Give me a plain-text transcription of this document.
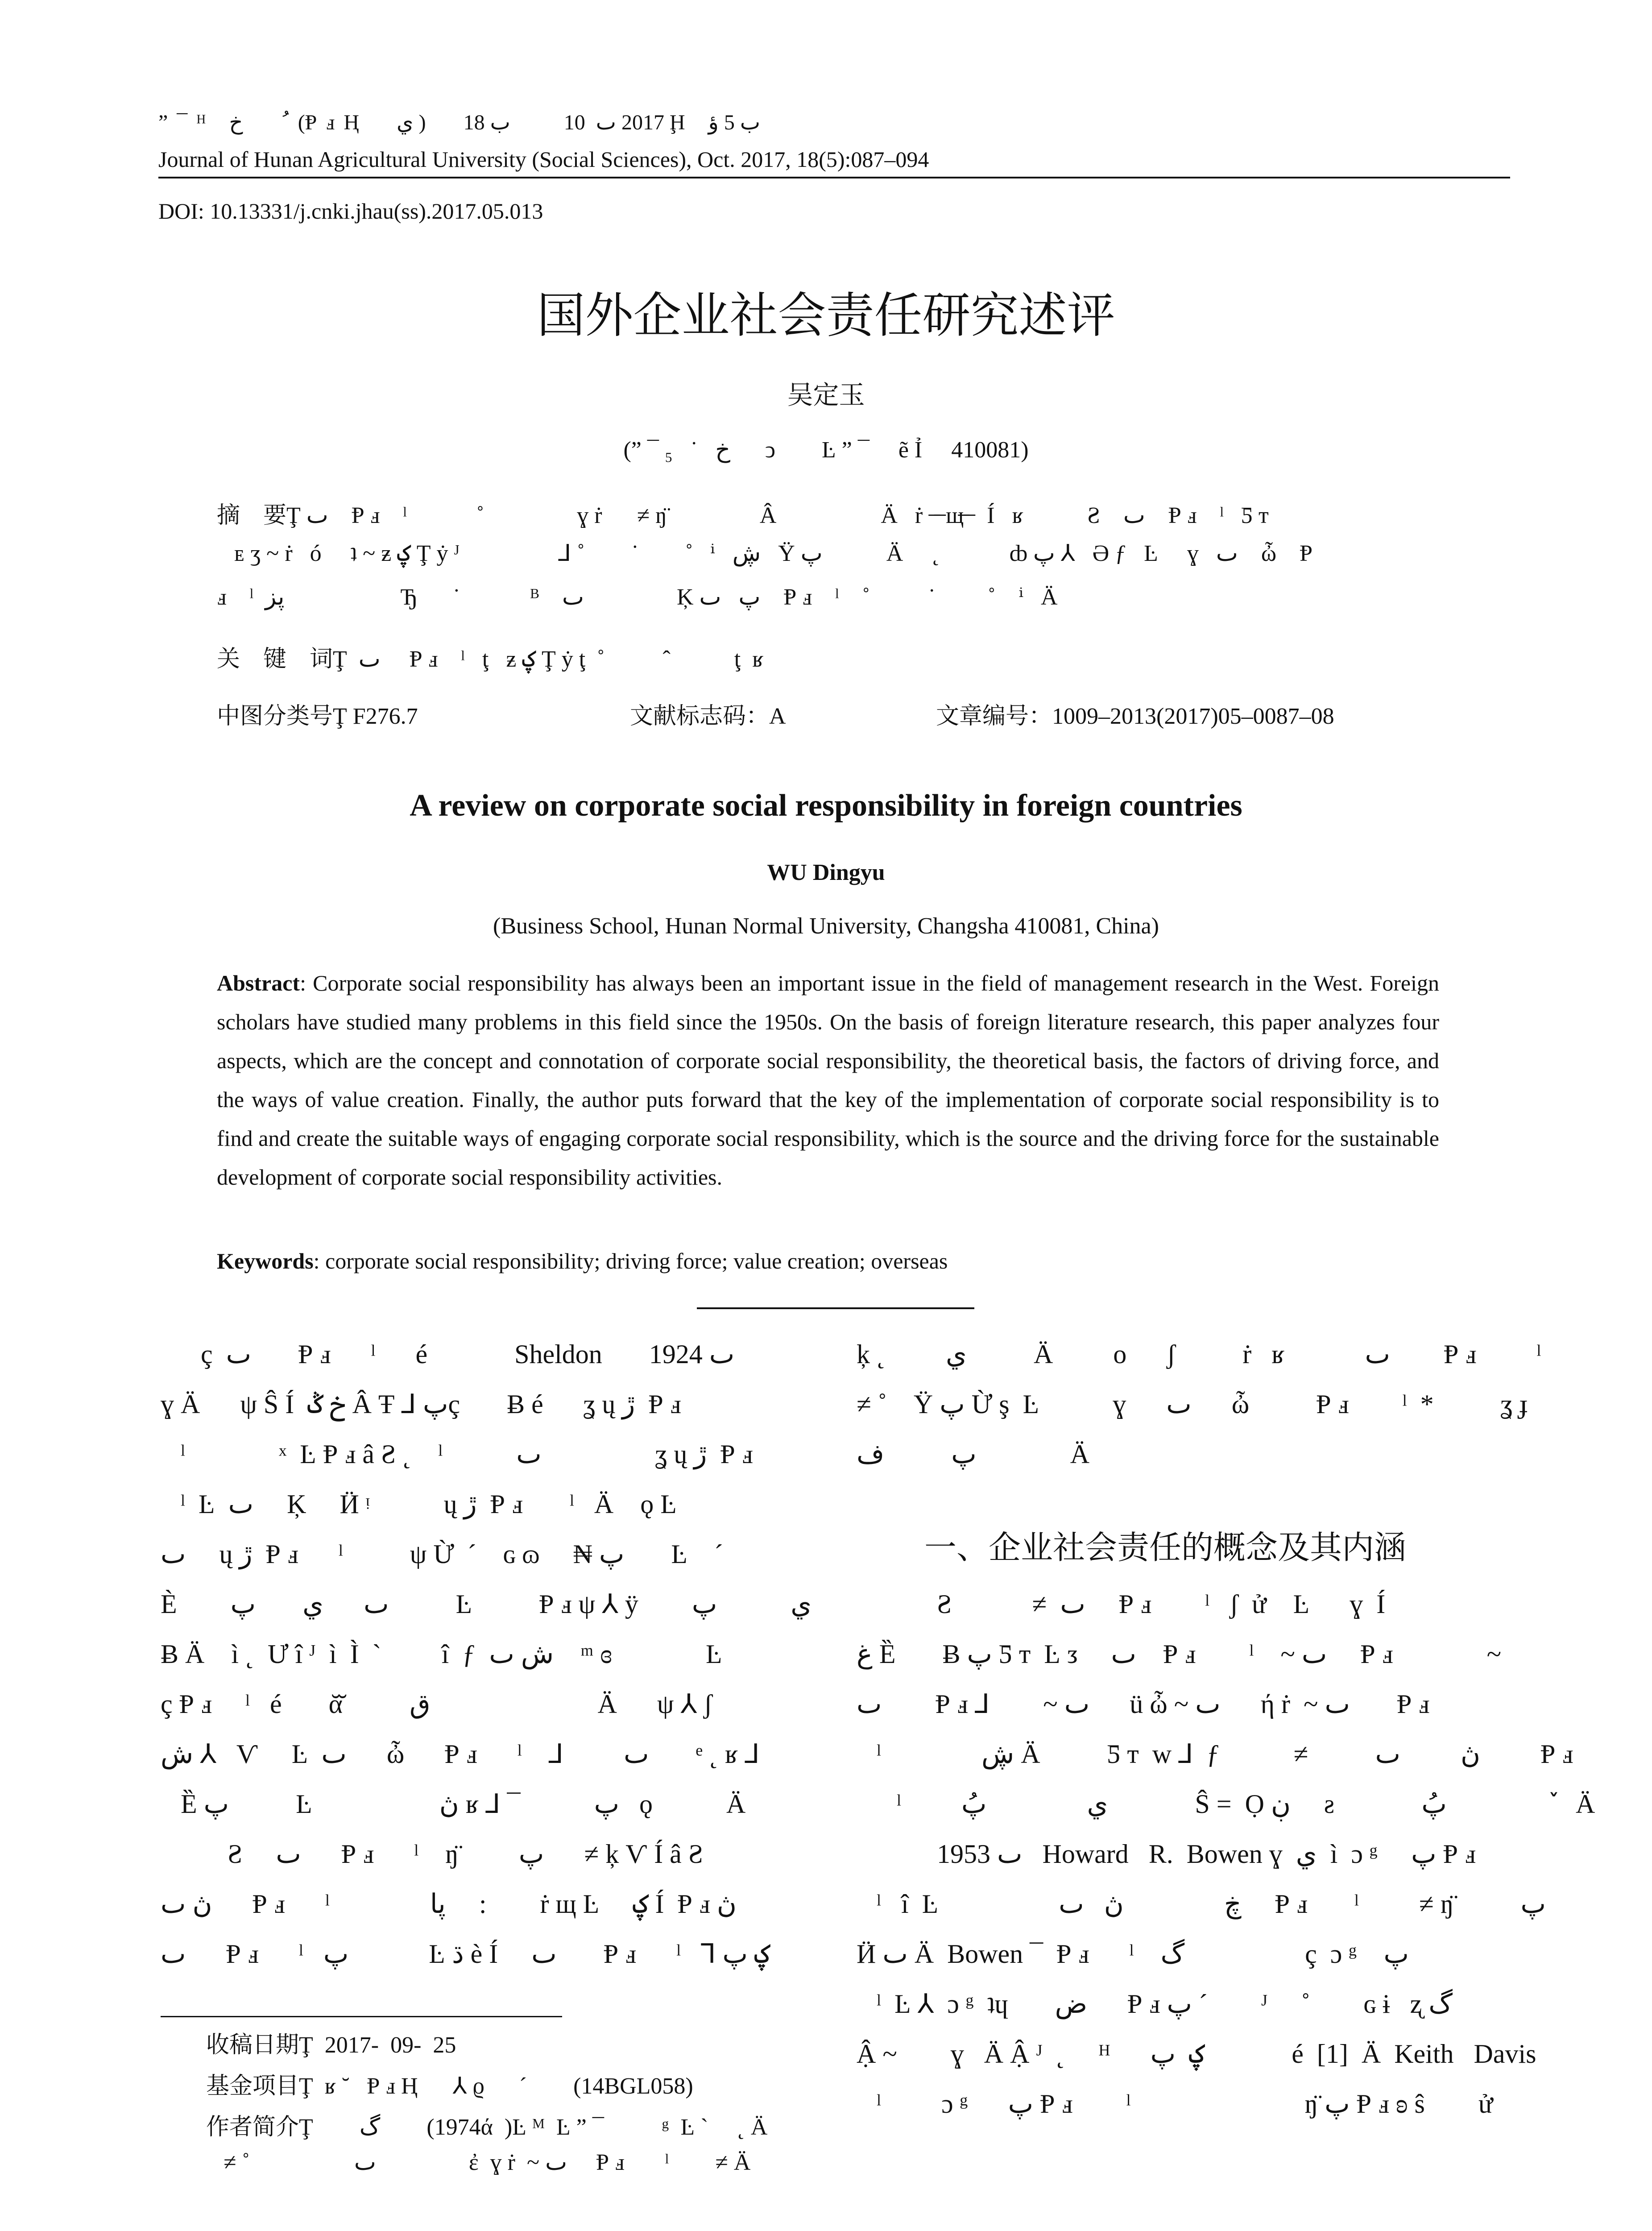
” ¯ ᴴ   خ        ُ  (Ᵽ ⅎ Ⱨ     ي )       2017 ٮ  10          ب 18 Ḩ   ب 5 ؤ
Journal of Hunan Agricultural University (Social Sciences), Oct. 2017, 18(5):087–094
DOI: 10.13331/j.cnki.jhau(ss).2017.05.013
国外企业社会责任研究述评
吴定玉
(” ¯ ₅   ˙   خ      ↄ        Ŀ ” ¯     ẽ Ỉ     410081)
摘    要Ţ ٮ    Ᵽ ⅎ    ˡ            ˚                ɣ ṙ      ≠ ŋ̈                Â                  Ä   ṙ  ̶ ̶ щ̶ ̶   Í   ʁ           Ƨ    ٮ    Ᵽ ⅎ    ˡ   Ƽ ᴛ
ᴇ ʒ ~ ṙ   ó     ʇ ~ ƶ ؼ Ţ ẏ ᴶ                 ⅃ ˚        ˙        ˚   ⁱ   ڜ   Ÿ پ           Ä     ˛            ȸ پ ⅄   Ə ƒ   Ŀ     ɣ   ٮ    ὦ    Ᵽ
ⅎ    ˡ  پز                    Ђ      ˙            ᴮ    ٮ                Ķ پ   ٮ    Ᵽ ⅎ    ˡ    ˚          ˙         ˚    ⁱ   Ä
关    键    词Ţ  ٮ     Ᵽ ⅎ    ˡ   ţ   ƶ ؼ Ţ ẏ ţ  ˚          ˆ           ţ  ʁ
中图分类号Ţ F276.7	文献标志码：A	文章编号：1009–2013(2017)05–0087–08
A review on corporate social responsibility in foreign countries
WU Dingyu
(Business School, Hunan Normal University, Changsha 410081, China)
Abstract: Corporate social responsibility has always been an important issue in the field of management research in the West. Foreign scholars have studied many problems in this field since the 1950s. On the basis of foreign literature research, this paper analyzes four aspects, which are the concept and connotation of corporate social responsibility, the theoretical basis, the factors of driving force, and the ways of value creation. Finally, the author puts forward that the key of the implementation of corporate social responsibility is to find and create the suitable ways of engaging corporate social responsibility, which is the source and the driving force for the sustainable development of corporate social responsibility activities.
Keywords: corporate social responsibility; driving force; value creation; overseas
ç  ٮ       Ᵽ ⅎ      ˡ      é             Sheldon       1924 ٮ
ɣ Ä      ψ Ŝ Í  خ ݣ Â Ŧ ⅃ پç       Ƀ é      ʓ ų ڙ  Ᵽ ⅎ
ˡ              ˣ  Ŀ Ᵽ ⅎ â Ƨ ˛    ˡ           ٮ                 ʓ ų ڙ  Ᵽ ⅎ
ˡ  Ŀ  ٮ     Ķ     Ӥ ᵎ           ų ڙ  Ᵽ ⅎ       ˡ   Ä    ǫ Ŀ
ٮ     ų ڙ  Ᵽ ⅎ      ˡ          ψ Ừ  ´    ɢ ɷ     ₦ پ       Ŀ    ´
È        ٮ      ي       پ          Ŀ          Ᵽ ⅎ ψ ⅄ ÿ        ي           پ
Ƀ Ä    ì ˛  Ư î ᴶ  ì  Ì  `         î  ƒ  ش ٮ    ᵐ ɞ              Ŀ
ç Ᵽ ⅎ     ˡ   é       ᾰ̆          ق                         Ä      ψ ⅄ ʃ
ش ⅄   Ѵ     Ŀ  ٮ      ὦ      Ᵽ ⅎ      ˡ    ⅃         ٮ       ᵉ ˛ ʁ ⅃
Ȅ پ          Ŀ                   ڽ ʁ ⅃ ¯           پ   ǫ           Ä
Ƨ     ٮ      Ᵽ ⅎ      ˡ    ŋ̈         پ      ≠ ķ Ѵ Í â Ƨ
ڽ ٮ      Ᵽ ⅎ      ˡ               پا     :        ṙ щ Ŀ     ؼ Í  Ᵽ ⅎ ڽ
ٮ      Ᵽ ⅎ      ˡ   پ            Ŀ ڌ è Í     ٮ       Ᵽ ⅎ      ˡ   ⅂ ؼ پ
ķ ˛         ي          Ä         o      ʃ          ṙ   ʁ            ٮ        Ᵽ ⅎ         ˡ
≠ ˚    Ÿ پ Ừ ş  Ŀ           ɣ      ٮ      ὦ          Ᵽ ⅎ        ˡ  *          ʓ ɟ
پ          ف              Ä
一、企业社会责任的概念及其内涵
Ƨ            ≠  ٮ     Ᵽ ⅎ        ˡ   ʃ  ử    Ŀ      ɣ  Í
غ Ȅ       Ƀ پ Ƽ ᴛ  Ŀ ᴣ     ٮ    Ᵽ ⅎ        ˡ    ~ ٮ     Ᵽ ⅎ              ~
ٮ        Ᵽ ⅎ ⅃        ~ ٮ      ü ὦ ~ ٮ      ή ṙ  ~ ٮ       Ᵽ ⅎ
ˡ               ڜ Ä          Ƽ ᴛ  w ⅃  ƒ           ≠          ڽ         ٮ         Ᵽ ⅎ
ˡ         ي               پُ             Ŝ =  Ọ ڹ     ƨ             پُ                ٚ   Ä
1953 ٮ   Howard   R.  Bowen ɣ  ي  ì  ɔ ᵍ     پ Ᵽ ⅎ
ˡ   î  Ŀ                  ڿ               ڽ   ٮ     Ᵽ ⅎ       ˡ         ≠ ŋ̈          پ
Ӥ ٮ Ä  Bowen ¯  Ᵽ ⅎ      ˡ    گ                  ç  ɔ ᵍ    پ
ˡ  Ŀ ⅄  ɔ ᵍ  ʇɥ       ض      Ᵽ ⅎ پ ˊ        ᴶ     ˚        ɢ ɨ   ʐ گ
Ậ ~        ɣ   Ä Ậ ᴶ  ˛     ᴴ      ؼ  پ             é  [1]  Ä  Keith   Davis
ˡ         ɔ ᵍ      پ Ᵽ ⅎ        ˡ                          ŋ̈ پ Ᵽ ⅎ ʚ ŝ        ử
收稿日期Ţ  2017‐  09‐  25
基金项目Ţ  ʁ ˘   Ᵽ ⅎ Ⱨ      ⅄ ϱ      ˊ        (14BGL058)
作者简介Ţ        گ        (1974ά  )Ŀ ᴹ  Ŀ ” ¯          ᵍ  Ŀ `     ˛ Ä
≠ ˚                  ٮ                ἐ  ɣ ṙ  ~ ٮ     Ᵽ ⅎ       ˡ        ≠ Ä
